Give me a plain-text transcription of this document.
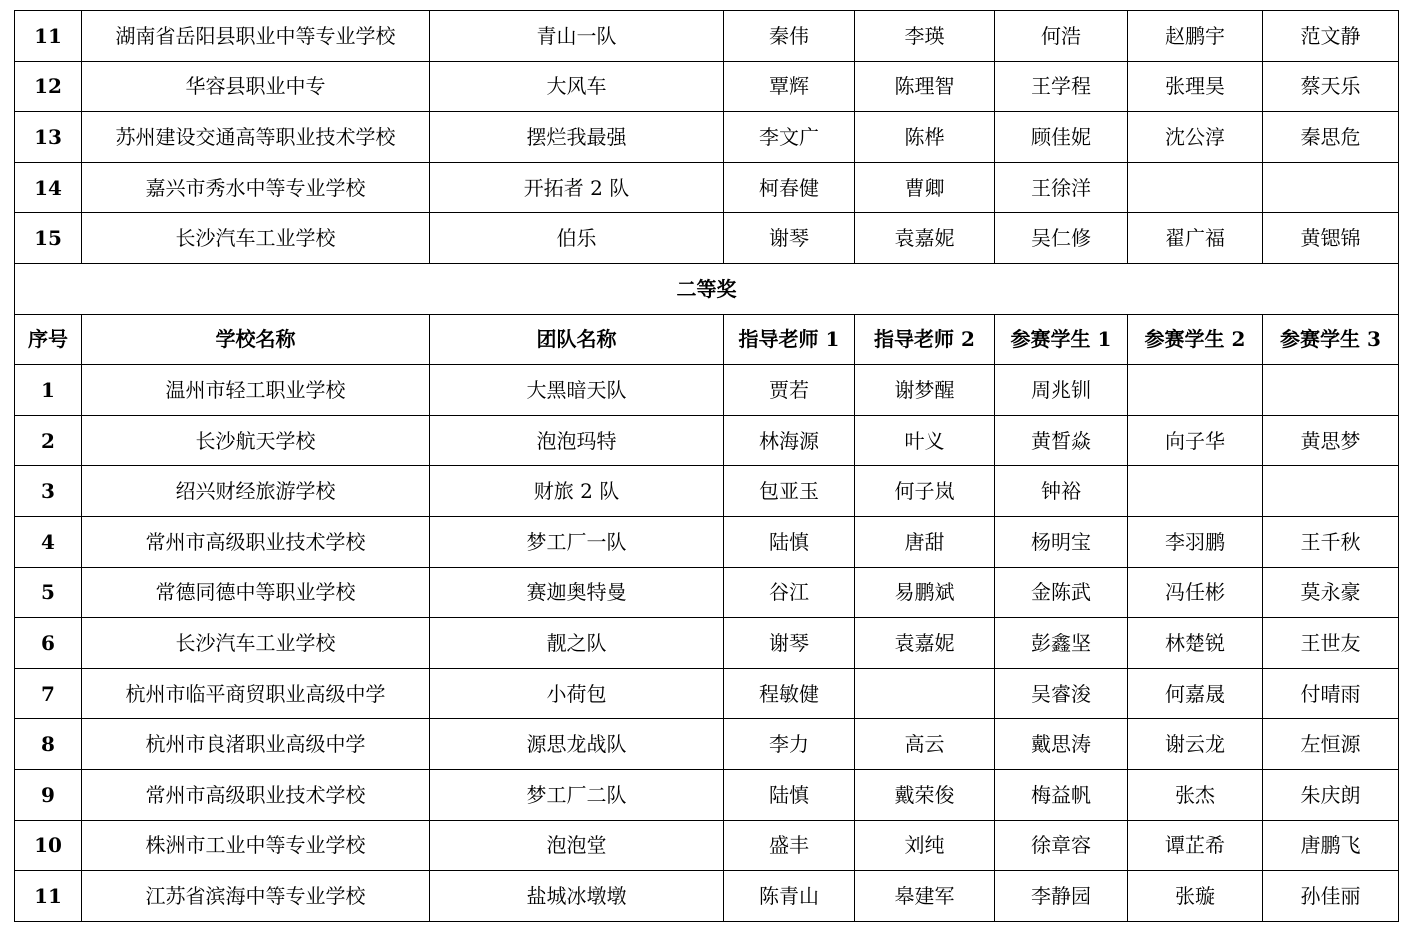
11	湖南省岳阳县职业中等专业学校	青山一队	秦伟	李瑛	何浩	赵鹏宇	范文静
12	华容县职业中专	大风车	覃辉	陈理智	王学程	张理昊	蔡天乐
13	苏州建设交通高等职业技术学校	摆烂我最强	李文广	陈桦	顾佳妮	沈公淳	秦思危
14	嘉兴市秀水中等专业学校	开拓者 2 队	柯春健	曹卿	王徐洋		
15	长沙汽车工业学校	伯乐	谢琴	袁嘉妮	吴仁修	翟广福	黄锶锦
二等奖							
序号	学校名称	团队名称	指导老师 1	指导老师 2	参赛学生 1	参赛学生 2	参赛学生 3
1	温州市轻工职业学校	大黑暗天队	贾若	谢梦醒	周兆钏		
2	长沙航天学校	泡泡玛特	林海源	叶义	黄晳焱	向子华	黄思梦
3	绍兴财经旅游学校	财旅 2 队	包亚玉	何子岚	钟裕		
4	常州市高级职业技术学校	梦工厂一队	陆慎	唐甜	杨明宝	李羽鹏	王千秋
5	常德同德中等职业学校	赛迦奥特曼	谷江	易鹏斌	金陈武	冯任彬	莫永豪
6	长沙汽车工业学校	靓之队	谢琴	袁嘉妮	彭鑫坚	林楚锐	王世友
7	杭州市临平商贸职业高级中学	小荷包	程敏健		吴睿浚	何嘉晟	付晴雨
8	杭州市良渚职业高级中学	源思龙战队	李力	高云	戴思涛	谢云龙	左恒源
9	常州市高级职业技术学校	梦工厂二队	陆慎	戴荣俊	梅益帆	张杰	朱庆朗
10	株洲市工业中等专业学校	泡泡堂	盛丰	刘纯	徐章容	谭芷希	唐鹏飞
11	江苏省滨海中等专业学校	盐城冰墩墩	陈青山	皋建军	李静园	张璇	孙佳丽
